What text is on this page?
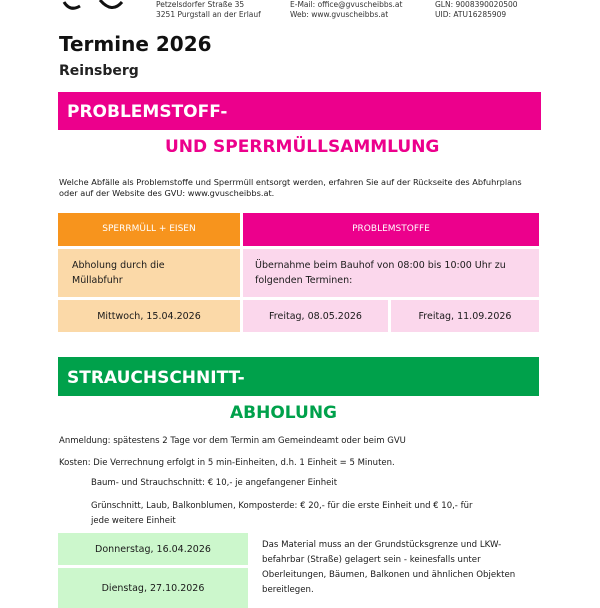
Petzelsdorfer Straße 35
3251 Purgstall an der Erlauf
E-Mail: office@gvuscheibbs.at
Web: www.gvuscheibbs.at
GLN: 9008390020500
UID: ATU16285909
Termine 2026
Reinsberg
PROBLEMSTOFF-
UND SPERRMÜLLSAMMLUNG
Welche Abfälle als Problemstoffe und Sperrmüll entsorgt werden, erfahren Sie auf der Rückseite des Abfuhrplans oder auf der Website des GVU: www.gvuscheibbs.at.
SPERRMÜLL + EISEN	PROBLEMSTOFFE
Abholung durch die Müllabfuhr
Übernahme beim Bauhof von 08:00 bis 10:00 Uhr zu folgenden Terminen:
Mittwoch, 15.04.2026	Freitag, 08.05.2026	Freitag, 11.09.2026
STRAUCHSCHNITT-
ABHOLUNG
Anmeldung: spätestens 2 Tage vor dem Termin am Gemeindeamt oder beim GVU
Kosten: Die Verrechnung erfolgt in 5 min-Einheiten, d.h. 1 Einheit = 5 Minuten.
Baum- und Strauchschnitt: € 10,- je angefangener Einheit
Grünschnitt, Laub, Balkonblumen, Komposterde: € 20,- für die erste Einheit und € 10,- für jede weitere Einheit
Donnerstag, 16.04.2026
Dienstag, 27.10.2026
Das Material muss an der Grundstücksgrenze und LKW-befahrbar (Straße) gelagert sein - keinesfalls unter Oberleitungen, Bäumen, Balkonen und ähnlichen Objekten bereitlegen.
